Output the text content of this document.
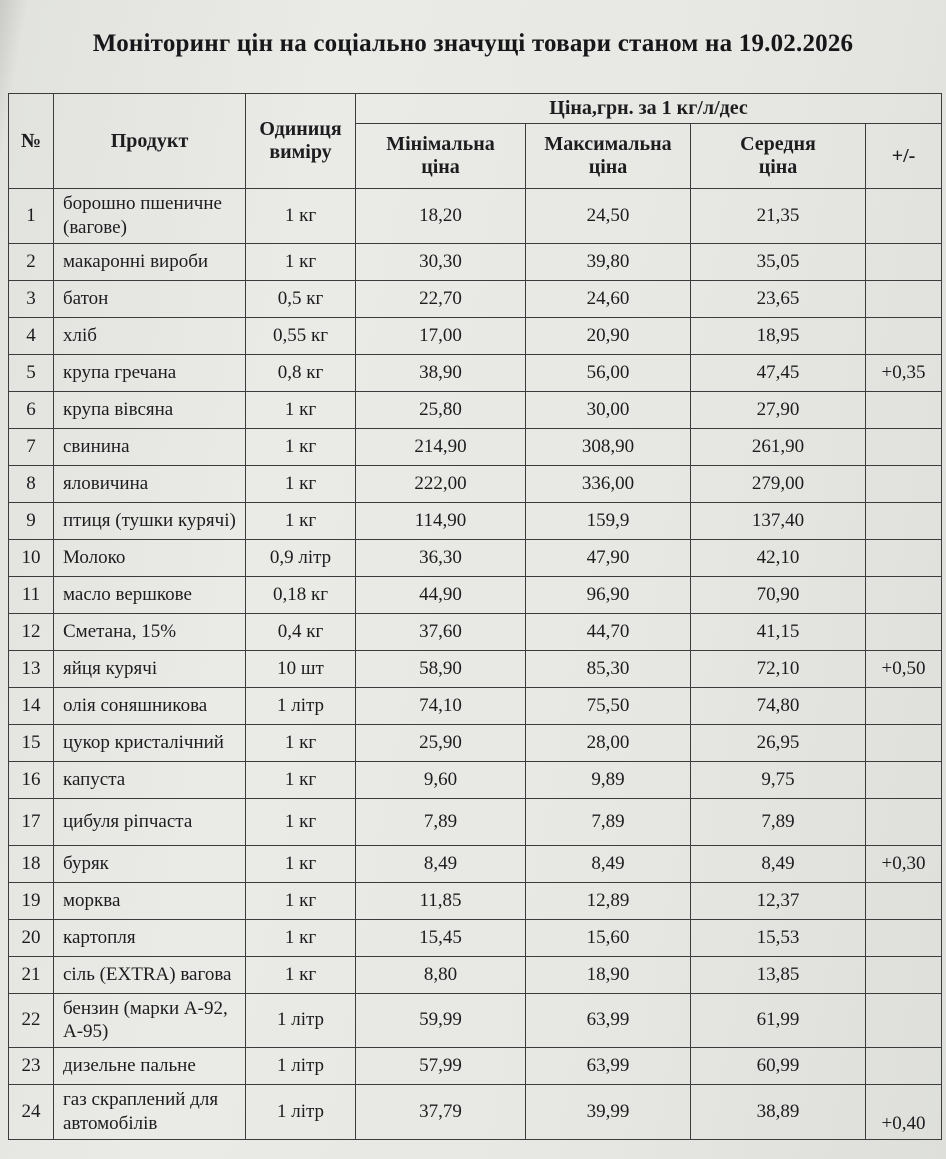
Моніторинг цін на соціально значущі товари станом на 19.02.2026
№	Продукт	Одиниця виміру	Ціна,грн. за 1 кг/л/дес			
			Мінімальна ціна	Максимальна ціна	Середня ціна	+/-
1	борошно пшеничне (вагове)	1 кг	18,20	24,50	21,35	
2	макаронні вироби	1 кг	30,30	39,80	35,05	
3	батон	0,5 кг	22,70	24,60	23,65	
4	хліб	0,55 кг	17,00	20,90	18,95	
5	крупа гречана	0,8 кг	38,90	56,00	47,45	+0,35
6	крупа вівсяна	1 кг	25,80	30,00	27,90	
7	свинина	1 кг	214,90	308,90	261,90	
8	яловичина	1 кг	222,00	336,00	279,00	
9	птиця (тушки курячі)	1 кг	114,90	159,9	137,40	
10	Молоко	0,9 літр	36,30	47,90	42,10	
11	масло вершкове	0,18 кг	44,90	96,90	70,90	
12	Сметана, 15%	0,4 кг	37,60	44,70	41,15	
13	яйця курячі	10 шт	58,90	85,30	72,10	+0,50
14	олія соняшникова	1 літр	74,10	75,50	74,80	
15	цукор кристалічний	1 кг	25,90	28,00	26,95	
16	капуста	1 кг	9,60	9,89	9,75	
17	цибуля ріпчаста	1 кг	7,89	7,89	7,89	
18	буряк	1 кг	8,49	8,49	8,49	+0,30
19	морква	1 кг	11,85	12,89	12,37	
20	картопля	1 кг	15,45	15,60	15,53	
21	сіль (EXTRA) вагова	1 кг	8,80	18,90	13,85	
22	бензин (марки А-92, А-95)	1 літр	59,99	63,99	61,99	
23	дизельне пальне	1 літр	57,99	63,99	60,99	
24	газ скраплений для автомобілів	1 літр	37,79	39,99	38,89	+0,40
